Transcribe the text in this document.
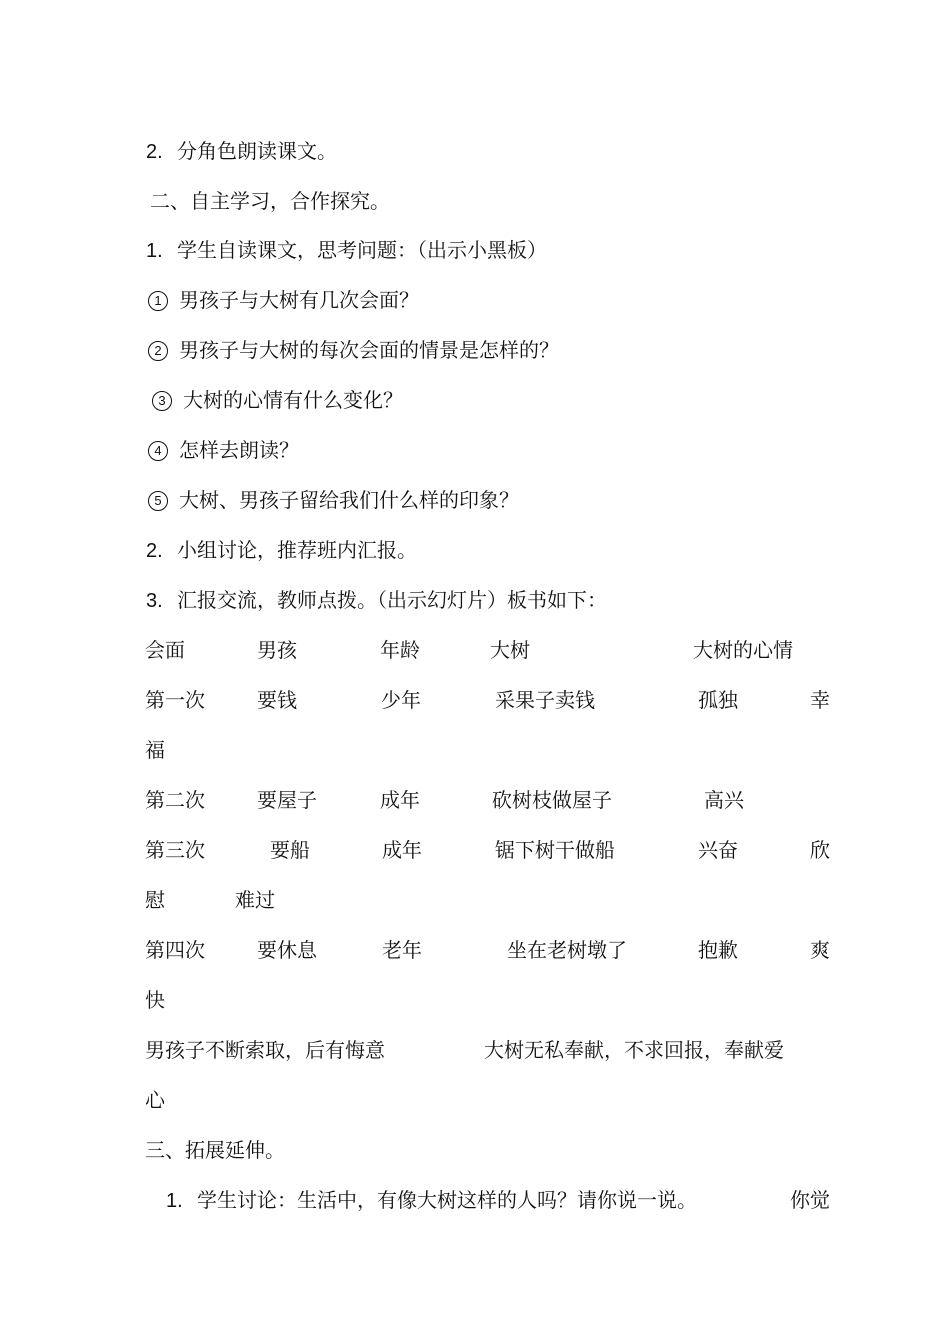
2. 分角色朗读课文。
二、自主学习，合作探究。
1. 学生自读课文，思考问题：（出示小黑板）
1 男孩子与大树有几次会面？
2 男孩子与大树的每次会面的情景是怎样的？
3 大树的心情有什么变化？
4 怎样去朗读？
5 大树、男孩子留给我们什么样的印象？
2. 小组讨论，推荐班内汇报。
3. 汇报交流，教师点拨。（出示幻灯片）板书如下：
会面	男孩	年龄	大树	大树的心情
第一次	要钱	少年	采果子卖钱	孤独	幸
福
第二次	要屋子	成年	砍树枝做屋子	高兴
第三次	要船	成年	锯下树干做船	兴奋	欣
慰	难过
第四次	要休息	老年	坐在老树墩了	抱歉	爽
快
男孩子不断索取，后有悔意	大树无私奉献，不求回报，奉献爱
心
三、拓展延伸。
1. 学生讨论：生活中，有像大树这样的人吗？请你说一说。	你觉
